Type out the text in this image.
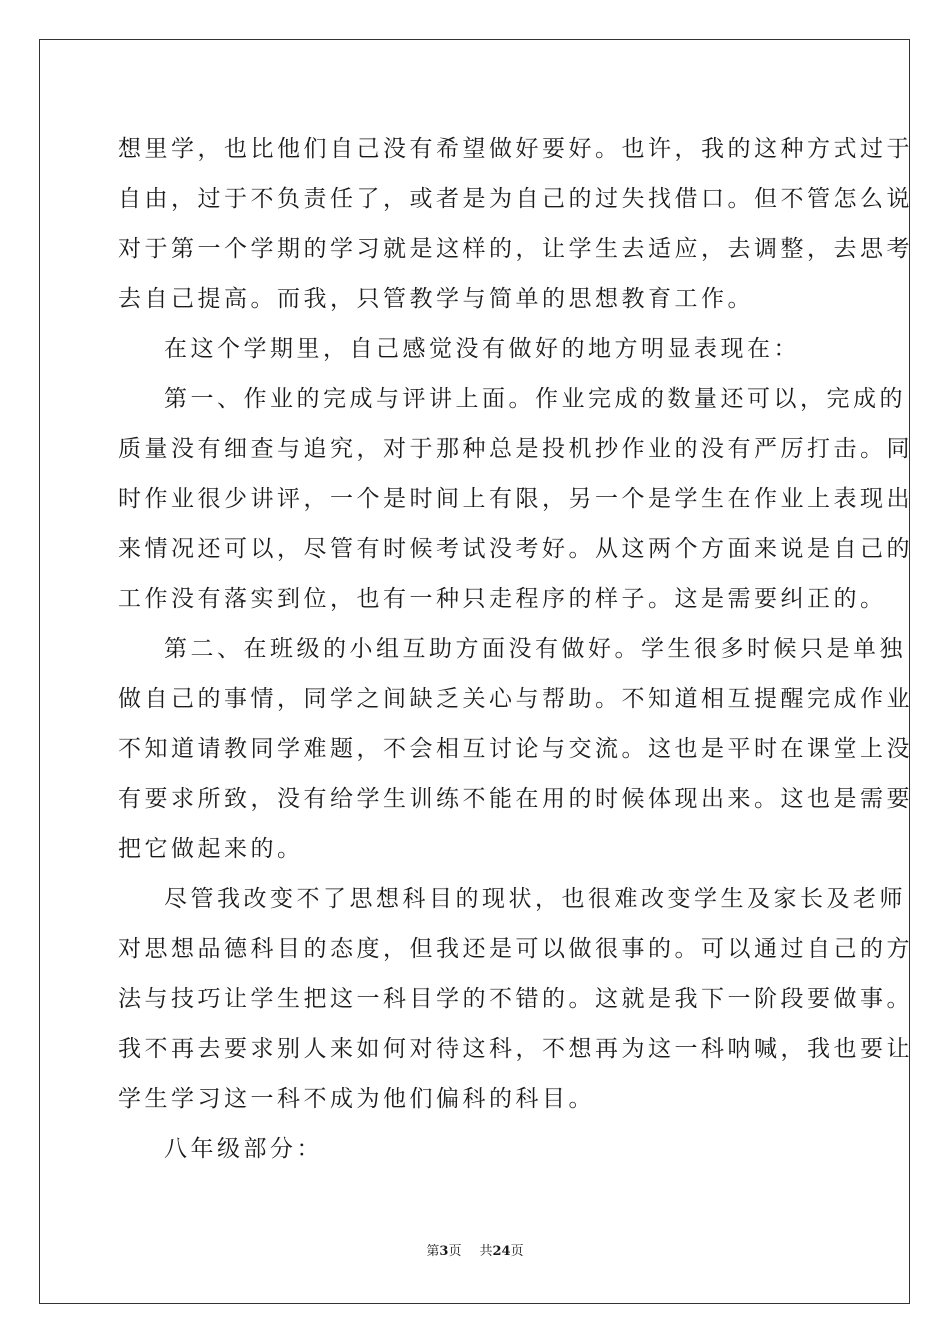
想里学，也比他们自己没有希望做好要好。也许，我的这种方式过于
自由，过于不负责任了，或者是为自己的过失找借口。但不管怎么说
对于第一个学期的学习就是这样的，让学生去适应，去调整，去思考
去自己提高。而我，只管教学与简单的思想教育工作。
在这个学期里，自己感觉没有做好的地方明显表现在：
第一、作业的完成与评讲上面。作业完成的数量还可以，完成的
质量没有细查与追究，对于那种总是投机抄作业的没有严厉打击。同
时作业很少讲评，一个是时间上有限，另一个是学生在作业上表现出
来情况还可以，尽管有时候考试没考好。从这两个方面来说是自己的
工作没有落实到位，也有一种只走程序的样子。这是需要纠正的。
第二、在班级的小组互助方面没有做好。学生很多时候只是单独
做自己的事情，同学之间缺乏关心与帮助。不知道相互提醒完成作业
不知道请教同学难题，不会相互讨论与交流。这也是平时在课堂上没
有要求所致，没有给学生训练不能在用的时候体现出来。这也是需要
把它做起来的。
尽管我改变不了思想科目的现状，也很难改变学生及家长及老师
对思想品德科目的态度，但我还是可以做很事的。可以通过自己的方
法与技巧让学生把这一科目学的不错的。这就是我下一阶段要做事。
我不再去要求别人来如何对待这科，不想再为这一科呐喊，我也要让
学生学习这一科不成为他们偏科的科目。
八年级部分：
第3页 共24页
